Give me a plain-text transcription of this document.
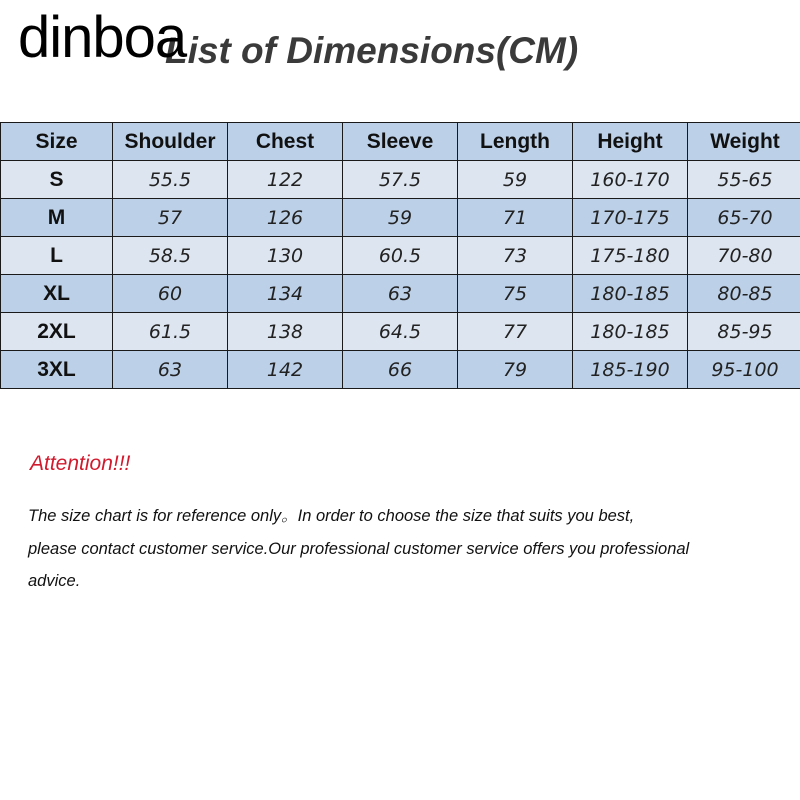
dinboa
List of Dimensions(CM)
Size	Shoulder	Chest	Sleeve	Length	Height	Weight
S	55.5	122	57.5	59	160-170	55-65
M	57	126	59	71	170-175	65-70
L	58.5	130	60.5	73	175-180	70-80
XL	60	134	63	75	180-185	80-85
2XL	61.5	138	64.5	77	180-185	85-95
3XL	63	142	66	79	185-190	95-100
Attention!!!
The size chart is for reference only。In order to choose the size that suits you best,
please contact customer service.Our professional customer service offers you professional
advice.
